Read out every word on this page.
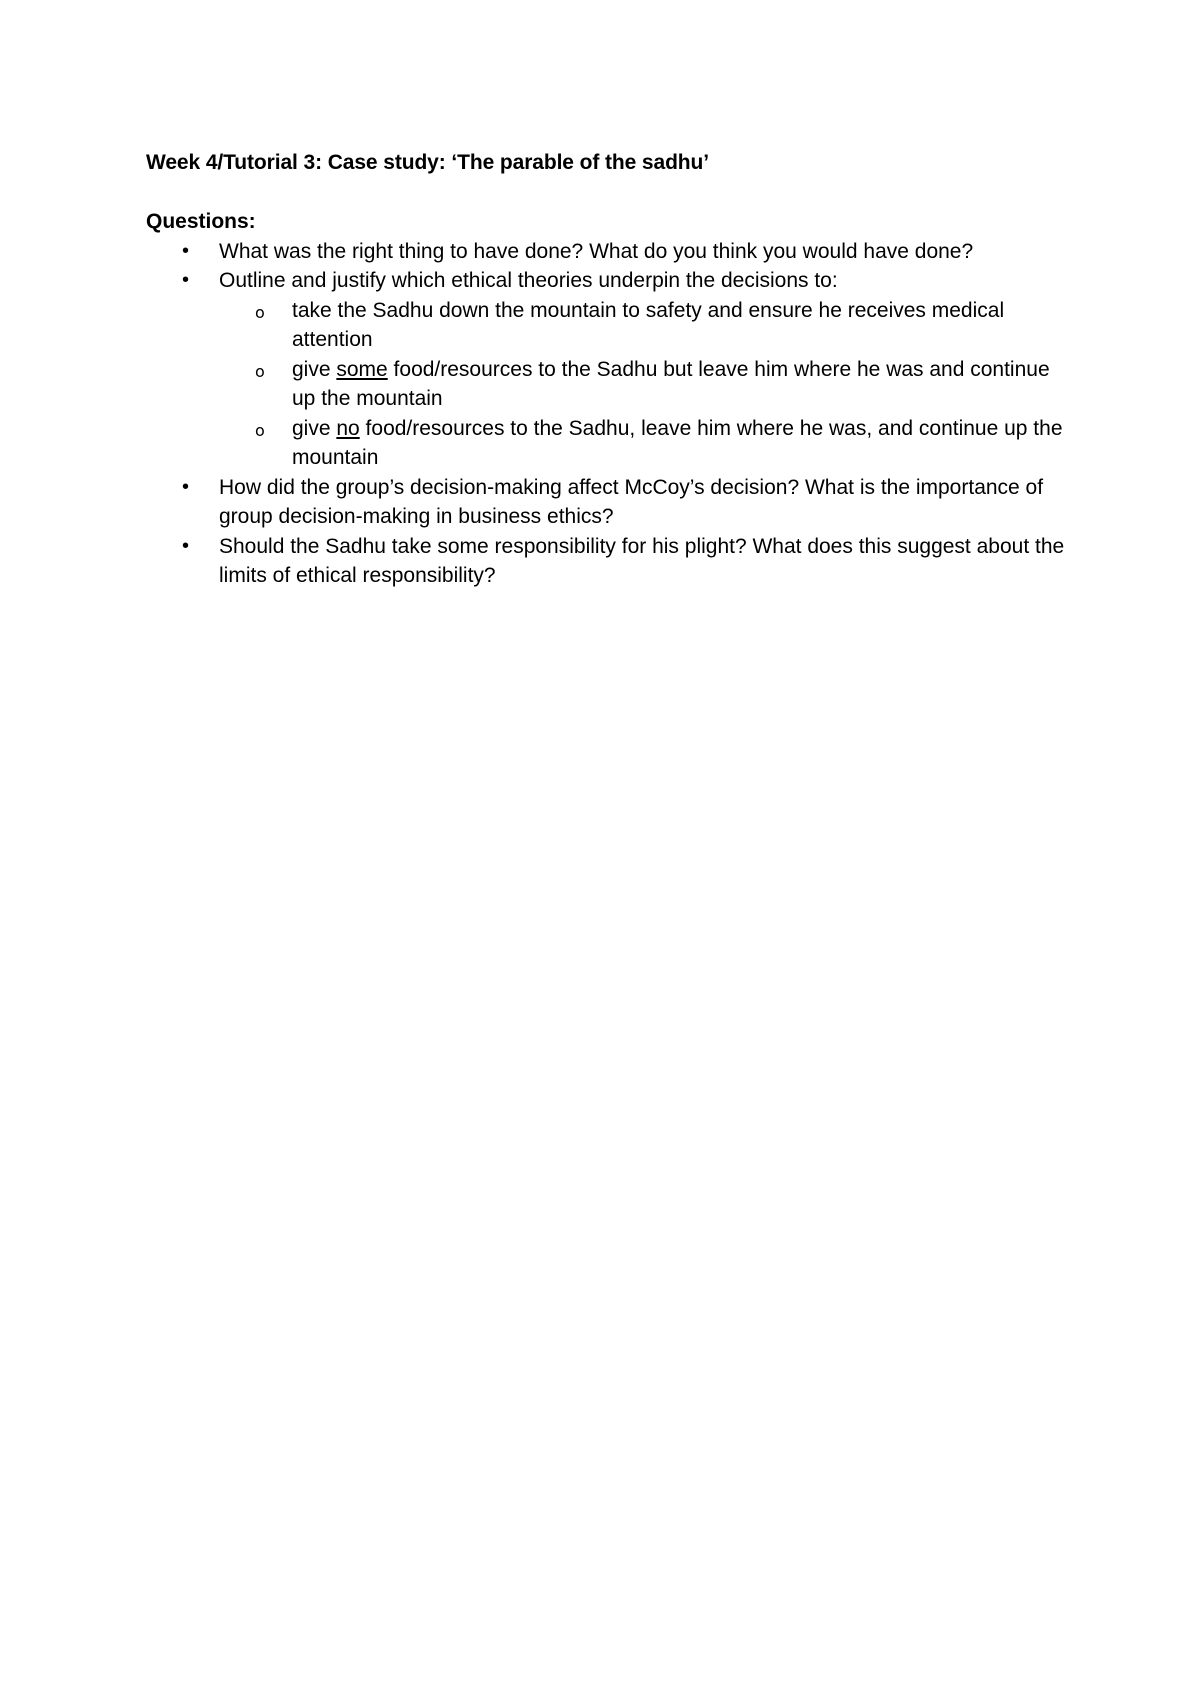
Week 4/Tutorial 3: Case study: ‘The parable of the sadhu’

Questions:

• What was the right thing to have done? What do you think you would have done?
• Outline and justify which ethical theories underpin the decisions to:
o take the Sadhu down the mountain to safety and ensure he receives medical attention
o give some food/resources to the Sadhu but leave him where he was and continue up the mountain
o give no food/resources to the Sadhu, leave him where he was, and continue up the mountain
• How did the group’s decision-making affect McCoy’s decision? What is the importance of group decision-making in business ethics?
• Should the Sadhu take some responsibility for his plight? What does this suggest about the limits of ethical responsibility?
